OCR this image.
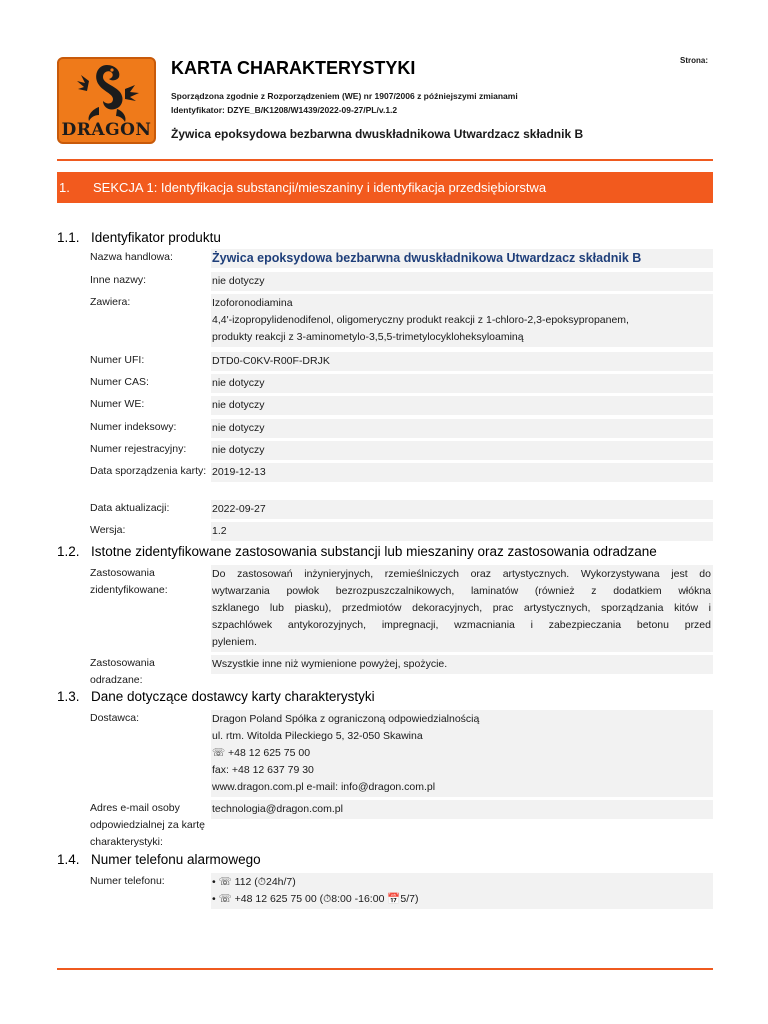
DRAGON
KARTA CHARAKTERYSTYKI	Strona:
Sporządzona zgodnie z Rozporządzeniem (WE) nr 1907/2006 z późniejszymi zmianami
Identyfikator: DZYE_B/K1208/W1439/2022-09-27/PL/v.1.2
Żywica epoksydowa bezbarwna dwuskładnikowa Utwardzacz składnik B
1.	SEKCJA 1: Identyfikacja substancji/mieszaniny i identyfikacja przedsiębiorstwa
1.1. Identyfikator produktu
Nazwa handlowa:	Żywica epoksydowa bezbarwna dwuskładnikowa Utwardzacz składnik B
Inne nazwy:	nie dotyczy
Zawiera:	Izoforonodiamina
4,4'-izopropylidenodifenol, oligomeryczny produkt reakcji z 1-chloro-2,3-epoksypropanem,
produkty reakcji z 3-aminometylo-3,5,5-trimetylocykloheksyloaminą
Numer UFI:	DTD0-C0KV-R00F-DRJK
Numer CAS:	nie dotyczy
Numer WE:	nie dotyczy
Numer indeksowy:	nie dotyczy
Numer rejestracyjny:	nie dotyczy
Data sporządzenia karty: 2019-12-13
Data aktualizacji:	2022-09-27
Wersja:	1.2
1.2. Istotne zidentyfikowane zastosowania substancji lub mieszaniny oraz zastosowania odradzane
Zastosowania zidentyfikowane:
Do zastosowań inżynieryjnych, rzemieślniczych oraz artystycznych. Wykorzystywana jest do
wytwarzania powłok bezrozpuszczalnikowych, laminatów (również z dodatkiem włókna
szklanego lub piasku), przedmiotów dekoracyjnych, prac artystycznych, sporządzania kitów i
szpachlówek antykorozyjnych, impregnacji, wzmacniania i zabezpieczania betonu przed
pyleniem.
Zastosowania odradzane:
Wszystkie inne niż wymienione powyżej, spożycie.
1.3. Dane dotyczące dostawcy karty charakterystyki
Dostawca:	Dragon Poland Spółka z ograniczoną odpowiedzialnością
ul. rtm. Witolda Pileckiego 5, 32-050 Skawina
☏ +48 12 625 75 00
fax: +48 12 637 79 30
www.dragon.com.pl e-mail: info@dragon.com.pl
Adres e-mail osoby odpowiedzialnej za kartę charakterystyki:
technologia@dragon.com.pl
1.4. Numer telefonu alarmowego
Numer telefonu:	• ☏ 112 (⏱24h/7)
• ☏ +48 12 625 75 00 (⏱8:00 -16:00 📅5/7)
